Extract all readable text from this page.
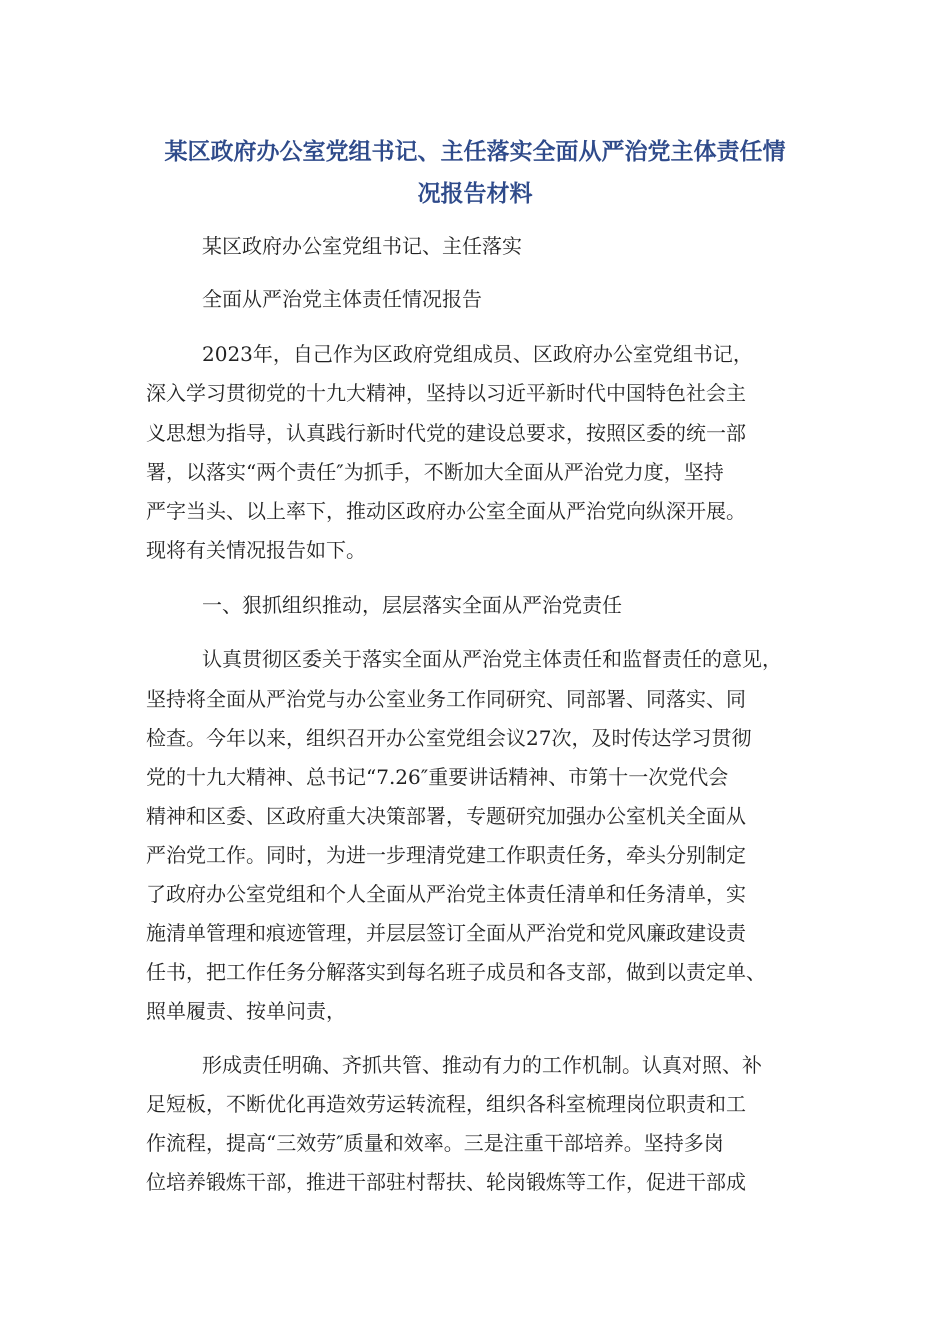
某区政府办公室党组书记、主任落实全面从严治党主体责任情
况报告材料

某区政府办公室党组书记、主任落实

全面从严治党主体责任情况报告

2023年，自己作为区政府党组成员、区政府办公室党组书记，

深入学习贯彻党的十九大精神，坚持以习近平新时代中国特色社会主

义思想为指导，认真践行新时代党的建设总要求，按照区委的统一部

署，以落实“两个责任″为抓手，不断加大全面从严治党力度，坚持

严字当头、以上率下，推动区政府办公室全面从严治党向纵深开展。

现将有关情况报告如下。

一、狠抓组织推动，层层落实全面从严治党责任

认真贯彻区委关于落实全面从严治党主体责任和监督责任的意见，

坚持将全面从严治党与办公室业务工作同研究、同部署、同落实、同

检查。今年以来，组织召开办公室党组会议27次，及时传达学习贯彻

党的十九大精神、总书记“7.26″重要讲话精神、市第十一次党代会

精神和区委、区政府重大决策部署，专题研究加强办公室机关全面从

严治党工作。同时，为进一步理清党建工作职责任务，牵头分别制定

了政府办公室党组和个人全面从严治党主体责任清单和任务清单，实

施清单管理和痕迹管理，并层层签订全面从严治党和党风廉政建设责

任书，把工作任务分解落实到每名班子成员和各支部，做到以责定单、

照单履责、按单问责，

形成责任明确、齐抓共管、推动有力的工作机制。认真对照、补

足短板，不断优化再造效劳运转流程，组织各科室梳理岗位职责和工

作流程，提高“三效劳″质量和效率。三是注重干部培养。坚持多岗

位培养锻炼干部，推进干部驻村帮扶、轮岗锻炼等工作，促进干部成
